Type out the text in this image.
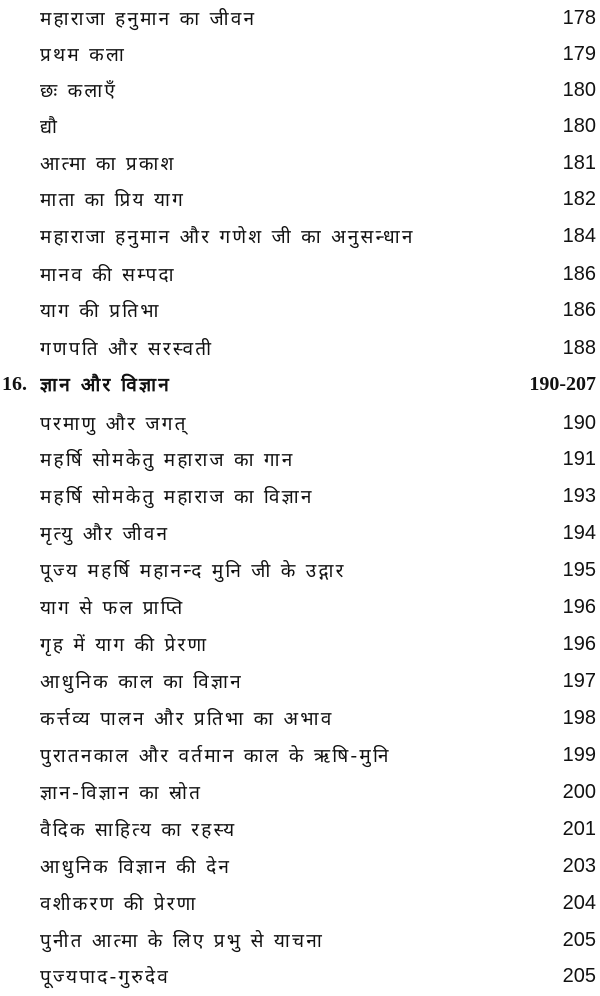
महाराजा हनुमान का जीवन	178
प्रथम कला	179
छः कलाएँ	180
द्यौ	180
आत्मा का प्रकाश	181
माता का प्रिय याग	182
महाराजा हनुमान और गणेश जी का अनुसन्धान	184
मानव की सम्पदा	186
याग की प्रतिभा	186
गणपति और सरस्वती	188
16. ज्ञान और विज्ञान	190-207
परमाणु और जगत्	190
महर्षि सोमकेतु महाराज का गान	191
महर्षि सोमकेतु महाराज का विज्ञान	193
मृत्यु और जीवन	194
पूज्य महर्षि महानन्द मुनि जी के उद्गार	195
याग से फल प्राप्ति	196
गृह में याग की प्रेरणा	196
आधुनिक काल का विज्ञान	197
कर्त्तव्य पालन और प्रतिभा का अभाव	198
पुरातनकाल और वर्तमान काल के ऋषि-मुनि	199
ज्ञान-विज्ञान का स्रोत	200
वैदिक साहित्य का रहस्य	201
आधुनिक विज्ञान की देन	203
वशीकरण की प्रेरणा	204
पुनीत आत्मा के लिए प्रभु से याचना	205
पूज्यपाद-गुरुदेव	205
